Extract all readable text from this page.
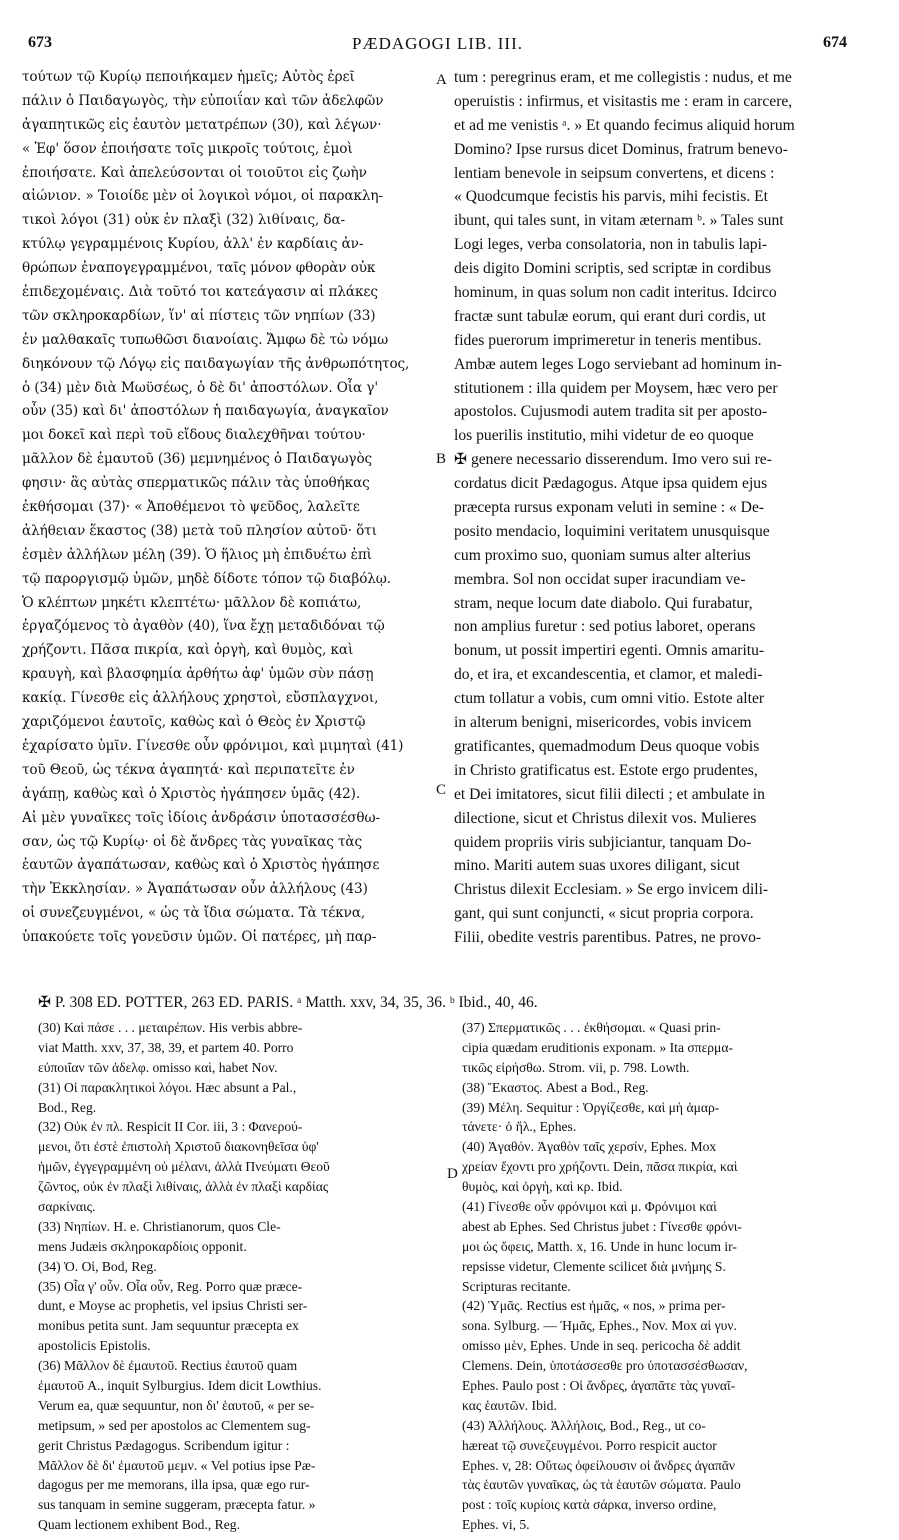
673	PÆDAGOGI LIB. III.	674
τούτων τῷ Κυρίῳ πεποιήκαμεν ἡμεῖς; Αὐτὸς ἐρεῖ
πάλιν ὁ Παιδαγωγὸς, τὴν εὐποιΐαν καὶ τῶν ἀδελφῶν
ἀγαπητικῶς εἰς ἑαυτὸν μετατρέπων (30), καὶ λέγων·
« Ἐφ' ὅσον ἐποιήσατε τοῖς μικροῖς τούτοις, ἐμοὶ
ἐποιήσατε. Καὶ ἀπελεύσονται οἱ τοιοῦτοι εἰς ζωὴν
αἰώνιον. » Τοιοίδε μὲν οἱ λογικοὶ νόμοι, οἱ παρακλη-
τικοὶ λόγοι (31) οὐκ ἐν πλαξὶ (32) λιθίναις, δα-
κτύλῳ γεγραμμένοις Κυρίου, ἀλλ' ἐν καρδίαις ἀν-
θρώπων ἐναπογεγραμμένοι, ταῖς μόνον φθορὰν οὐκ
ἐπιδεχομέναις. Διὰ τοῦτό τοι κατεάγασιν αἱ πλάκες
τῶν σκληροκαρδίων, ἵν' αἱ πίστεις τῶν νηπίων (33)
ἐν μαλθακαῖς τυπωθῶσι διανοίαις. Ἄμφω δὲ τὼ νόμω
διηκόνουν τῷ Λόγῳ εἰς παιδαγωγίαν τῆς ἀνθρωπότητος,
ὁ (34) μὲν διὰ Μωϋσέως, ὁ δὲ δι' ἀποστόλων. Οἷα γ'
οὖν (35) καὶ δι' ἀποστόλων ἡ παιδαγωγία, ἀναγκαῖον
μοι δοκεῖ καὶ περὶ τοῦ εἴδους διαλεχθῆναι τούτου·
μᾶλλον δὲ ἐμαυτοῦ (36) μεμνημένος ὁ Παιδαγωγὸς
φησιν· ἃς αὐτὰς σπερματικῶς πάλιν τὰς ὑποθήκας
ἐκθήσομαι (37)· « Ἀποθέμενοι τὸ ψεῦδος, λαλεῖτε
ἀλήθειαν ἕκαστος (38) μετὰ τοῦ πλησίον αὐτοῦ· ὅτι
ἐσμὲν ἀλλήλων μέλη (39). Ὁ ἥλιος μὴ ἐπιδυέτω ἐπὶ
τῷ παροργισμῷ ὑμῶν, μηδὲ δίδοτε τόπον τῷ διαβόλῳ.
Ὁ κλέπτων μηκέτι κλεπτέτω· μᾶλλον δὲ κοπιάτω,
ἐργαζόμενος τὸ ἀγαθὸν (40), ἵνα ἔχῃ μεταδιδόναι τῷ
χρήζοντι. Πᾶσα πικρία, καὶ ὀργὴ, καὶ θυμὸς, καὶ
κραυγὴ, καὶ βλασφημία ἀρθήτω ἀφ' ὑμῶν σὺν πάσῃ
κακίᾳ. Γίνεσθε εἰς ἀλλήλους χρηστοὶ, εὔσπλαγχνοι,
χαριζόμενοι ἑαυτοῖς, καθὼς καὶ ὁ Θεὸς ἐν Χριστῷ
ἐχαρίσατο ὑμῖν. Γίνεσθε οὖν φρόνιμοι, καὶ μιμηταὶ (41)
τοῦ Θεοῦ, ὡς τέκνα ἀγαπητά· καὶ περιπατεῖτε ἐν
ἀγάπῃ, καθὼς καὶ ὁ Χριστὸς ἠγάπησεν ὑμᾶς (42).
Αἱ μὲν γυναῖκες τοῖς ἰδίοις ἀνδράσιν ὑποτασσέσθω-
σαν, ὡς τῷ Κυρίῳ· οἱ δὲ ἄνδρες τὰς γυναῖκας τὰς
ἑαυτῶν ἀγαπάτωσαν, καθὼς καὶ ὁ Χριστὸς ἠγάπησε
τὴν Ἐκκλησίαν. » Ἀγαπάτωσαν οὖν ἀλλήλους (43)
οἱ συνεζευγμένοι, « ὡς τὰ ἴδια σώματα. Τὰ τέκνα,
ὑπακούετε τοῖς γονεῦσιν ὑμῶν. Οἱ πατέρες, μὴ παρ-
tum : peregrinus eram, et me collegistis : nudus, et me
operuistis : infirmus, et visitastis me : eram in carcere,
et ad me venistis ᵃ. » Et quando fecimus aliquid horum
Domino? Ipse rursus dicet Dominus, fratrum benevo-
lentiam benevole in seipsum convertens, et dicens :
« Quodcumque fecistis his parvis, mihi fecistis. Et
ibunt, qui tales sunt, in vitam æternam ᵇ. » Tales sunt
Logi leges, verba consolatoria, non in tabulis lapi-
deis digito Domini scriptis, sed scriptæ in cordibus
hominum, in quas solum non cadit interitus. Idcirco
fractæ sunt tabulæ eorum, qui erant duri cordis, ut
fides puerorum imprimeretur in teneris mentibus.
Ambæ autem leges Logo serviebant ad hominum in-
stitutionem : illa quidem per Moysem, hæc vero per
apostolos. Cujusmodi autem tradita sit per aposto-
los puerilis institutio, mihi videtur de eo quoque
✠ genere necessario disserendum. Imo vero sui re-
cordatus dicit Pædagogus. Atque ipsa quidem ejus
præcepta rursus exponam veluti in semine : « De-
posito mendacio, loquimini veritatem unusquisque
cum proximo suo, quoniam sumus alter alterius
membra. Sol non occidat super iracundiam ve-
stram, neque locum date diabolo. Qui furabatur,
non amplius furetur : sed potius laboret, operans
bonum, ut possit impertiri egenti. Omnis amaritu-
do, et ira, et excandescentia, et clamor, et maledi-
ctum tollatur a vobis, cum omni vitio. Estote alter
in alterum benigni, misericordes, vobis invicem
gratificantes, quemadmodum Deus quoque vobis
in Christo gratificatus est. Estote ergo prudentes,
et Dei imitatores, sicut filii dilecti ; et ambulate in
dilectione, sicut et Christus dilexit vos. Mulieres
quidem propriis viris subjiciantur, tanquam Do-
mino. Mariti autem suas uxores diligant, sicut
Christus dilexit Ecclesiam. » Se ergo invicem dili-
gant, qui sunt conjuncti, « sicut propria corpora.
Filii, obedite vestris parentibus. Patres, ne provo-
A
B
C
D
✠ P. 308 ED. POTTER, 263 ED. PARIS. ᵃ Matth. xxv, 34, 35, 36. ᵇ Ibid., 40, 46.
(30) Καὶ πάσε . . . μεταιρέπων. His verbis abbre-
viat Matth. xxv, 37, 38, 39, et partem 40. Porro
εὐποιΐαν τῶν ἀδελφ. omisso καὶ, habet Nov.
(31) Οἱ παρακλητικοὶ λόγοι. Hæc absunt a Pal.,
Bod., Reg.
(32) Οὐκ ἐν πλ. Respicit II Cor. iii, 3 : Φανερού-
μενοι, ὅτι ἐστὲ ἐπιστολὴ Χριστοῦ διακονηθεῖσα ὑφ'
ἡμῶν, ἐγγεγραμμένη οὐ μέλανι, ἀλλὰ Πνεύματι Θεοῦ
ζῶντος, οὐκ ἐν πλαξὶ λιθίναις, ἀλλὰ ἐν πλαξὶ καρδίας
σαρκίναις.
(33) Νηπίων. H. e. Christianorum, quos Cle-
mens Judæis σκληροκαρδίοις opponit.
(34) Ὁ. Οἱ, Bod, Reg.
(35) Οἷα γ' οὖν. Οἷα οὖν, Reg. Porro quæ præce-
dunt, e Moyse ac prophetis, vel ipsius Christi ser-
monibus petita sunt. Jam sequuntur præcepta ex
apostolicis Epistolis.
(36) Μᾶλλον δὲ ἐμαυτοῦ. Rectius ἑαυτοῦ quam
ἐμαυτοῦ A., inquit Sylburgius. Idem dicit Lowthius.
Verum ea, quæ sequuntur, non δι' ἑαυτοῦ, « per se-
metipsum, » sed per apostolos ac Clementem sug-
gerit Christus Pædagogus. Scribendum igitur :
Μᾶλλον δὲ δι' ἐμαυτοῦ μεμν. « Vel potius ipse Pæ-
dagogus per me memorans, illa ipsa, quæ ego rur-
sus tanquam in semine suggeram, præcepta fatur. »
Quam lectionem exhibent Bod., Reg.
(37) Σπερματικῶς . . . ἐκθήσομαι. « Quasi prin-
cipia quædam eruditionis exponam. » Ita σπερμα-
τικῶς εἰρήσθω. Strom. vii, p. 798. Lowth.
(38) Ἕκαστος. Abest a Bod., Reg.
(39) Μέλη. Sequitur : Ὀργίζεσθε, καὶ μὴ ἁμαρ-
τάνετε· ὁ ἥλ., Ephes.
(40) Ἀγαθόν. Ἀγαθὸν ταῖς χερσίν, Ephes. Mox
χρείαν ἔχοντι pro χρήζοντι. Dein, πᾶσα πικρία, καὶ
θυμὸς, καὶ ὀργὴ, καὶ κρ. Ibid.
(41) Γίνεσθε οὖν φρόνιμοι καὶ μ. Φρόνιμοι καὶ
abest ab Ephes. Sed Christus jubet : Γίνεσθε φρόνι-
μοι ὡς ὄφεις, Matth. x, 16. Unde in hunc locum ir-
repsisse videtur, Clemente scilicet διὰ μνήμης S.
Scripturas recitante.
(42) Ὑμᾶς. Rectius est ἡμᾶς, « nos, » prima per-
sona. Sylburg. — Ἡμᾶς, Ephes., Nov. Mox αἱ γυν.
omisso μὲν, Ephes. Unde in seq. pericocha δὲ addit
Clemens. Dein, ὑποτάσσεσθε pro ὑποτασσέσθωσαν,
Ephes. Paulo post : Οἱ ἄνδρες, ἀγαπᾶτε τὰς γυναῖ-
κας ἑαυτῶν. Ibid.
(43) Ἀλλήλους. Ἀλλήλοις, Bod., Reg., ut co-
hæreat τῷ συνεζευγμένοι. Porro respicit auctor
Ephes. v, 28: Οὕτως ὀφείλουσιν οἱ ἄνδρες ἀγαπᾶν
τὰς ἑαυτῶν γυναῖκας, ὡς τὰ ἑαυτῶν σώματα. Paulo
post : τοῖς κυρίοις κατὰ σάρκα, inverso ordine,
Ephes. vi, 5.
